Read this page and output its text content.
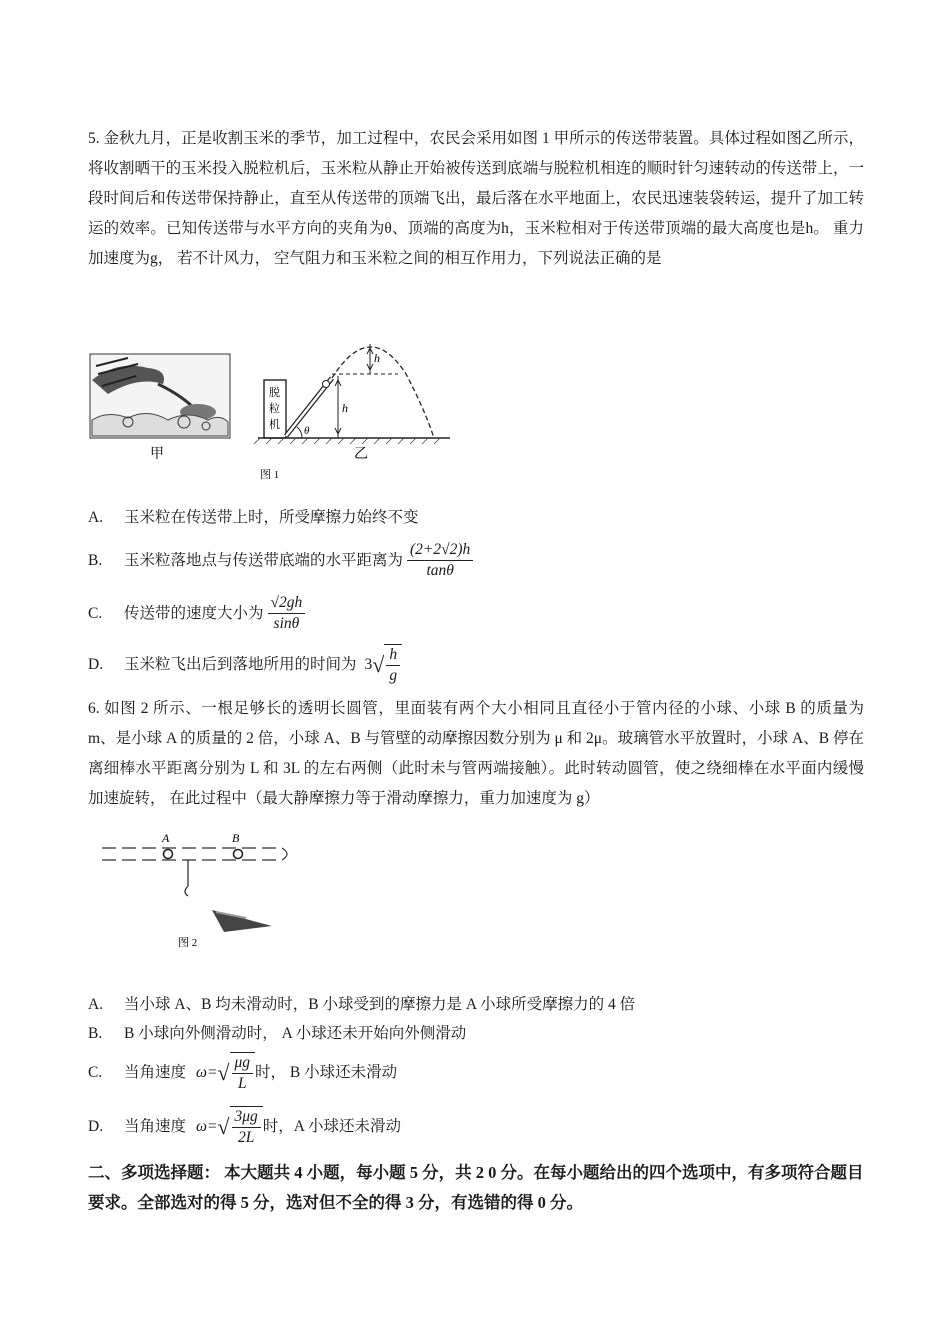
5. 金秋九月，正是收割玉米的季节，加工过程中，农民会采用如图 1 甲所示的传送带装置。具体过程如图乙所示，将收割晒干的玉米投入脱粒机后，玉米粒从静止开始被传送到底端与脱粒机相连的顺时针匀速转动的传送带上，一段时间后和传送带保持静止，直至从传送带的顶端飞出，最后落在水平地面上，农民迅速装袋转运，提升了加工转运的效率。已知传送带与水平方向的夹角为θ、顶端的高度为h，玉米粒相对于传送带顶端的最大高度也是h。 重力加速度为g， 若不计风力， 空气阻力和玉米粒之间的相互作用力，下列说法正确的是

甲
脱
粒
机 θ
h
h
乙
图 1
A.	玉米粒在传送带上时，所受摩擦力始终不变
B.	玉米粒落地点与传送带底端的水平距离为 $\frac{(2+2√2)h}{\tan\theta}$
C.	传送带的速度大小为 $\frac{√2gh}{\sin\theta}$
D.	玉米粒飞出后到落地所用的时间为 3 √ $\frac{h}{g}$

6. 如图 2 所示、一根足够长的透明长圆管，里面装有两个大小相同且直径小于管内径的小球、小球 B 的质量为 m、是小球 A 的质量的 2 倍，小球 A、B 与管壁的动摩擦因数分别为 μ 和 2μ。玻璃管水平放置时，小球 A、B 停在离细棒水平距离分别为 L 和 3L 的左右两侧（此时未与管两端接触）。此时转动圆管，使之绕细棒在水平面内缓慢加速旋转， 在此过程中（最大静摩擦力等于滑动摩擦力，重力加速度为 g）

A	B
图 2
A.	当小球 A、B 均未滑动时，B 小球受到的摩擦力是 A 小球所受摩擦力的 4 倍
B.	B 小球向外侧滑动时， A 小球还未开始向外侧滑动
C.	当角速度 ω= √ $\frac{\mu g}{L}$ 时， B 小球还未滑动
D.	当角速度 ω= √ $\frac{3\mu g}{2L}$ 时，A 小球还未滑动

二、多项选择题： 本大题共 4 小题，每小题 5 分，共 2 0 分。在每小题给出的四个选项中，有多项符合题目要求。全部选对的得 5 分，选对但不全的得 3 分，有选错的得 0 分。
